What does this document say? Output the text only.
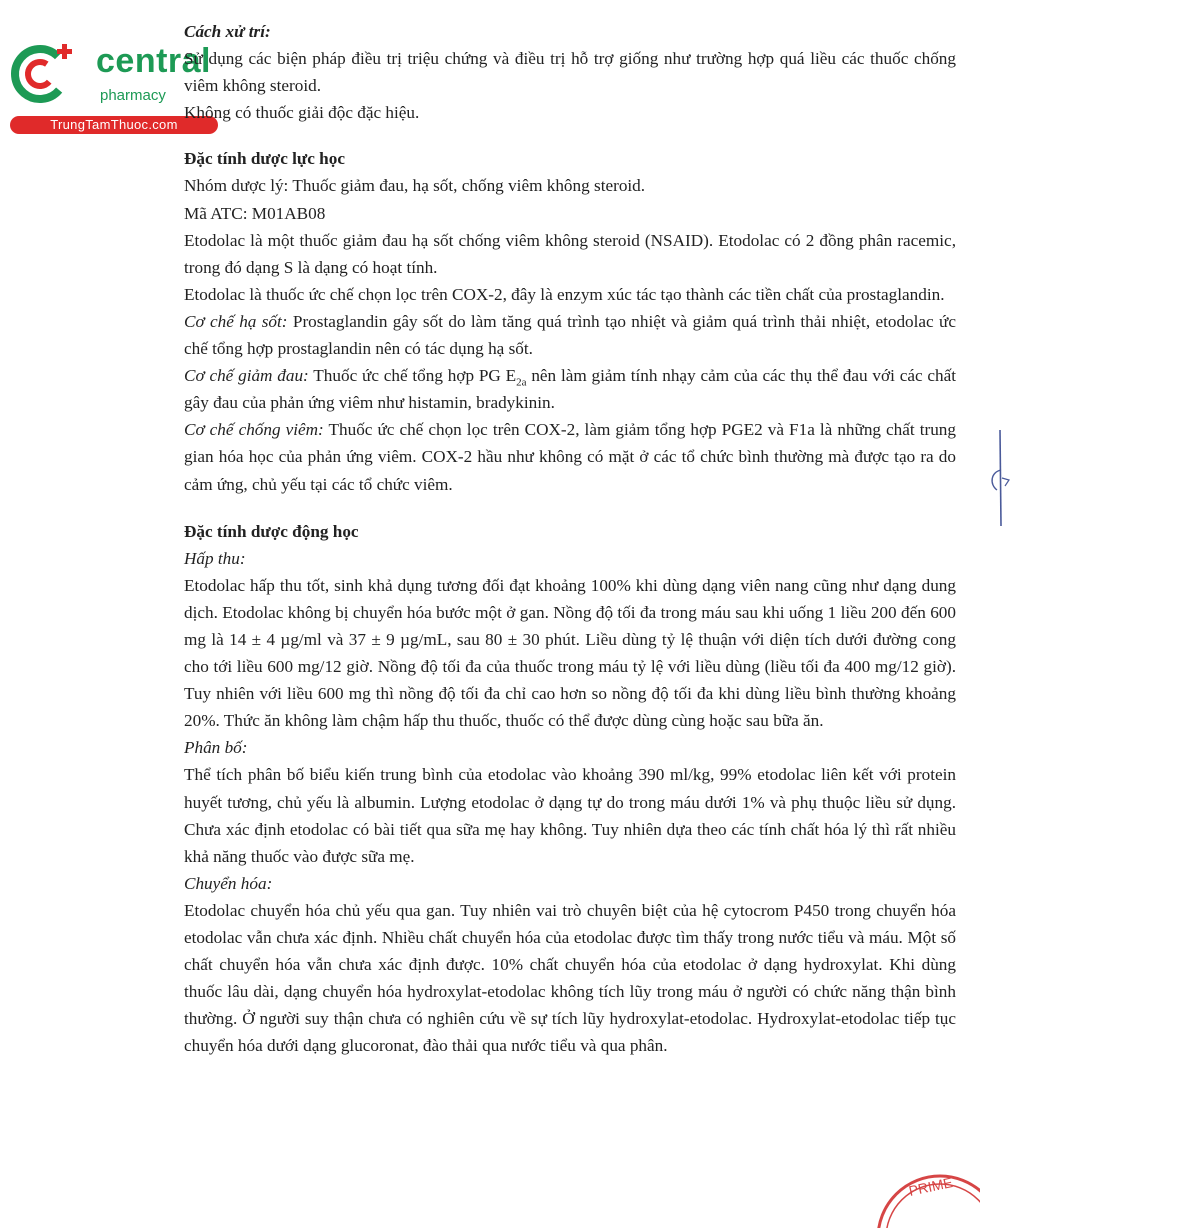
central
pharmacy
TrungTamThuoc.com

Cách xử trí:

Sử dụng các biện pháp điều trị triệu chứng và điều trị hỗ trợ giống như trường hợp quá liều các thuốc chống viêm không steroid.

Không có thuốc giải độc đặc hiệu.

Đặc tính dược lực học

Nhóm dược lý: Thuốc giảm đau, hạ sốt, chống viêm không steroid.

Mã ATC: M01AB08

Etodolac là một thuốc giảm đau hạ sốt chống viêm không steroid (NSAID). Etodolac có 2 đồng phân racemic, trong đó dạng S là dạng có hoạt tính.

Etodolac là thuốc ức chế chọn lọc trên COX-2, đây là enzym xúc tác tạo thành các tiền chất của prostaglandin.

Cơ chế hạ sốt: Prostaglandin gây sốt do làm tăng quá trình tạo nhiệt và giảm quá trình thải nhiệt, etodolac ức chế tổng hợp prostaglandin nên có tác dụng hạ sốt.

Cơ chế giảm đau: Thuốc ức chế tổng hợp PG $E_{2a}$ nên làm giảm tính nhạy cảm của các thụ thể đau với các chất gây đau của phản ứng viêm như histamin, bradykinin.

Cơ chế chống viêm: Thuốc ức chế chọn lọc trên COX-2, làm giảm tổng hợp PGE2 và F1a là những chất trung gian hóa học của phản ứng viêm. COX-2 hầu như không có mặt ở các tổ chức bình thường mà được tạo ra do cảm ứng, chủ yếu tại các tổ chức viêm.

Đặc tính dược động học

Hấp thu:

Etodolac hấp thu tốt, sinh khả dụng tương đối đạt khoảng 100% khi dùng dạng viên nang cũng như dạng dung dịch. Etodolac không bị chuyển hóa bước một ở gan. Nồng độ tối đa trong máu sau khi uống 1 liều 200 đến 600 mg là 14 ± 4 µg/ml và 37 ± 9 µg/mL, sau 80 ± 30 phút. Liều dùng tỷ lệ thuận với diện tích dưới đường cong cho tới liều 600 mg/12 giờ. Nồng độ tối đa của thuốc trong máu tỷ lệ với liều dùng (liều tối đa 400 mg/12 giờ). Tuy nhiên với liều 600 mg thì nồng độ tối đa chỉ cao hơn so nồng độ tối đa khi dùng liều bình thường khoảng 20%. Thức ăn không làm chậm hấp thu thuốc, thuốc có thể được dùng cùng hoặc sau bữa ăn.

Phân bố:

Thể tích phân bố biểu kiến trung bình của etodolac vào khoảng 390 ml/kg, 99% etodolac liên kết với protein huyết tương, chủ yếu là albumin. Lượng etodolac ở dạng tự do trong máu dưới 1% và phụ thuộc liều sử dụng. Chưa xác định etodolac có bài tiết qua sữa mẹ hay không. Tuy nhiên dựa theo các tính chất hóa lý thì rất nhiều khả năng thuốc vào được sữa mẹ.

Chuyển hóa:

Etodolac chuyển hóa chủ yếu qua gan. Tuy nhiên vai trò chuyên biệt của hệ cytocrom P450 trong chuyển hóa etodolac vẫn chưa xác định. Nhiều chất chuyển hóa của etodolac được tìm thấy trong nước tiểu và máu. Một số chất chuyển hóa vẫn chưa xác định được. 10% chất chuyển hóa của etodolac ở dạng hydroxylat. Khi dùng thuốc lâu dài, dạng chuyển hóa hydroxylat-etodolac không tích lũy trong máu ở người có chức năng thận bình thường. Ở người suy thận chưa có nghiên cứu về sự tích lũy hydroxylat-etodolac. Hydroxylat-etodolac tiếp tục chuyển hóa dưới dạng glucoronat, đào thải qua nước tiểu và qua phân.

PRIME
